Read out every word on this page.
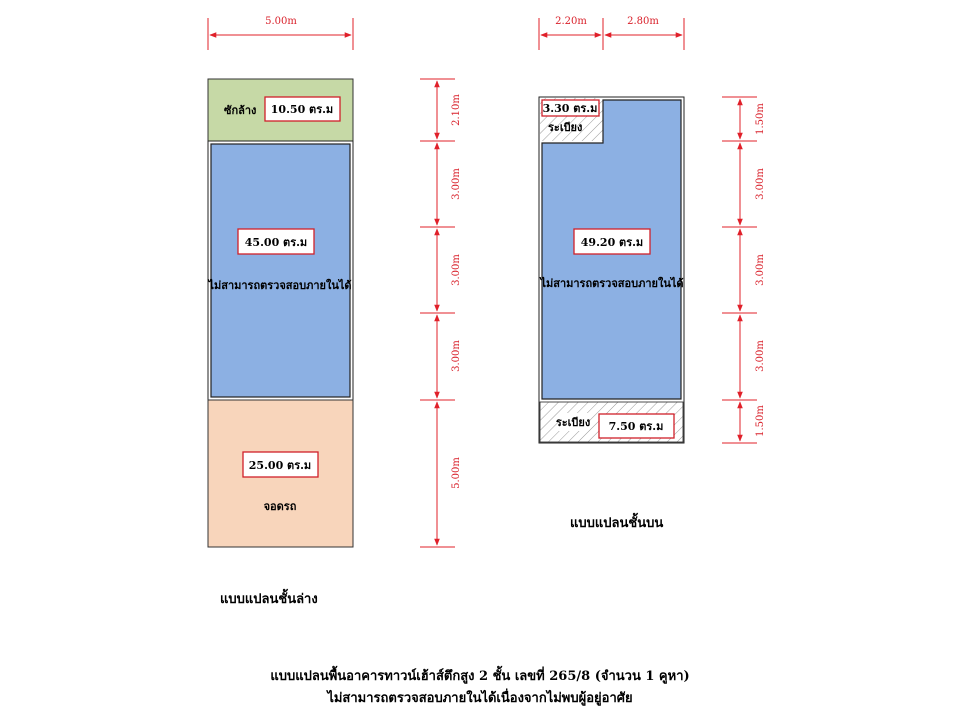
5.00m
ซักล้าง 10.50 ตร.ม
45.00 ตร.ม
ไม่สามารถตรวจสอบภายในได้
25.00 ตร.ม
จอดรถ
2.10m
3.00m
3.00m
3.00m
5.00m
2.20m	2.80m
3.30 ตร.ม
ระเบียง
49.20 ตร.ม
ไม่สามารถตรวจสอบภายในได้
ระเบียง 7.50 ตร.ม
1.50m
3.00m
3.00m
3.00m
1.50m
แบบแปลนชั้นล่าง
แบบแปลนชั้นบน
แบบแปลนพื้นอาคารทาวน์เฮ้าส์ตึกสูง 2 ชั้น เลขที่ 265/8 (จำนวน 1 คูหา)
ไม่สามารถตรวจสอบภายในได้เนื่องจากไม่พบผู้อยู่อาศัย
